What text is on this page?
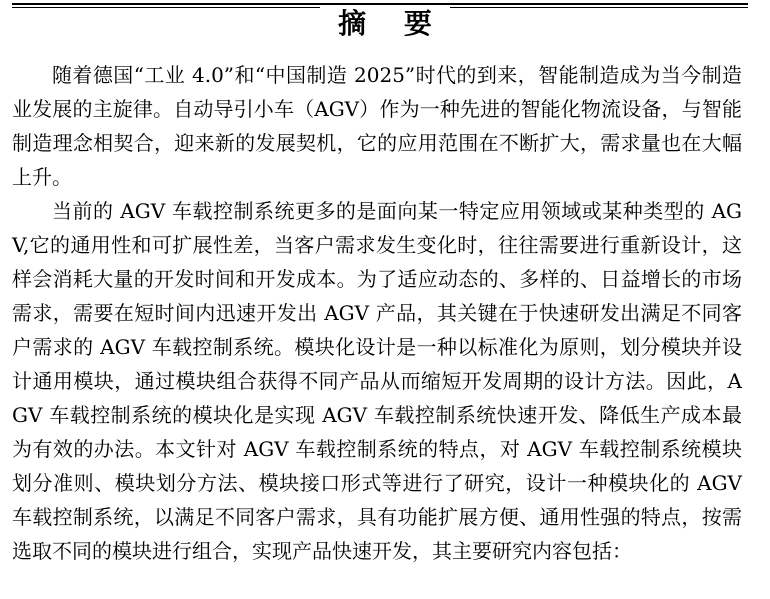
摘 要

随着德国“工业 4.0”和“中国制造 2025”时代的到来，智能制造成为当今制造业发展的主旋律。自动导引小车（AGV）作为一种先进的智能化物流设备，与智能制造理念相契合，迎来新的发展契机，它的应用范围在不断扩大，需求量也在大幅上升。

当前的 AGV 车载控制系统更多的是面向某一特定应用领域或某种类型的 AGV,它的通用性和可扩展性差，当客户需求发生变化时，往往需要进行重新设计，这样会消耗大量的开发时间和开发成本。为了适应动态的、多样的、日益增长的市场需求，需要在短时间内迅速开发出 AGV 产品，其关键在于快速研发出满足不同客户需求的 AGV 车载控制系统。模块化设计是一种以标准化为原则，划分模块并设计通用模块，通过模块组合获得不同产品从而缩短开发周期的设计方法。因此，AGV 车载控制系统的模块化是实现 AGV 车载控制系统快速开发、降低生产成本最为有效的办法。本文针对 AGV 车载控制系统的特点，对 AGV 车载控制系统模块划分准则、模块划分方法、模块接口形式等进行了研究，设计一种模块化的 AGV 车载控制系统，以满足不同客户需求，具有功能扩展方便、通用性强的特点，按需选取不同的模块进行组合，实现产品快速开发，其主要研究内容包括：
